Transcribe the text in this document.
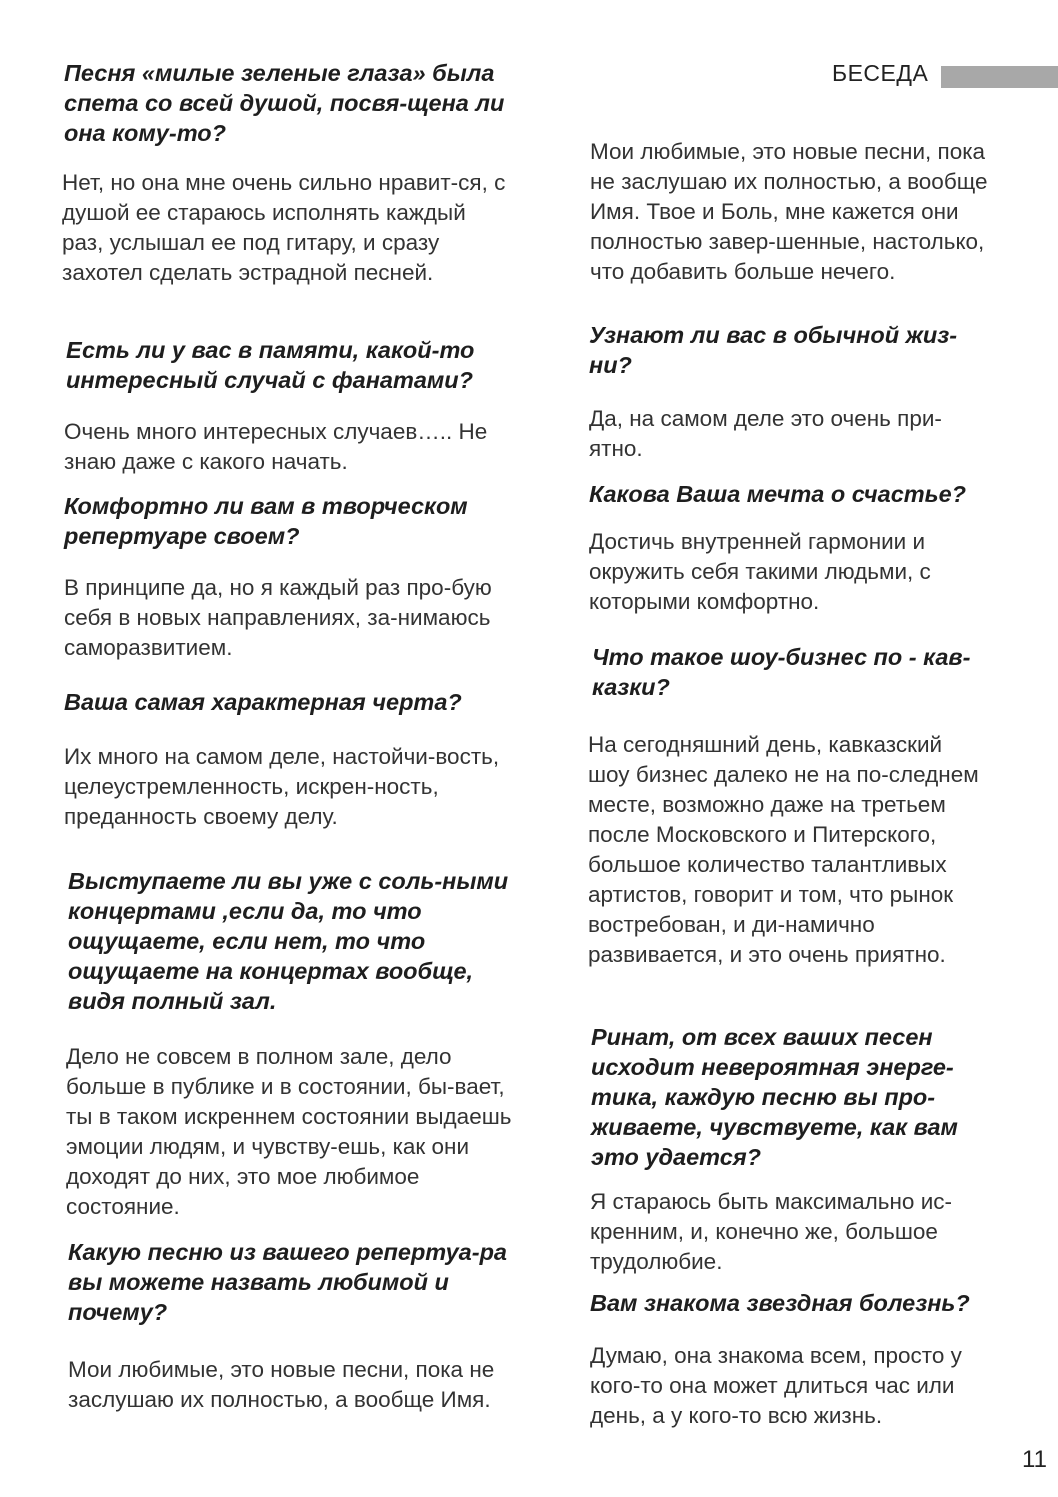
БЕСЕДА

Песня «милые зеленые глаза» была спета со всей душой, посвя-щена ли она кому-то?

Нет, но она мне очень сильно нравит-ся, с душой ее стараюсь исполнять каждый раз, услышал ее под гитару, и сразу захотел сделать эстрадной песней.

Есть ли у вас в памяти, какой-то интересный случай с фанатами?

Очень много интересных случаев….. Не знаю даже с какого начать.

Комфортно ли вам в творческом репертуаре своем?

В принципе да, но я каждый раз про-бую себя в новых направлениях, за-нимаюсь саморазвитием.

Ваша самая характерная черта?

Их много на самом деле, настойчи-вость, целеустремленность, искрен-ность, преданность своему делу.

Выступаете ли вы уже с соль-ными концертами ,если да, то что ощущаете, если нет, то что ощущаете на концертах вообще, видя полный зал.

Дело не совсем в полном зале, дело больше в публике и в состоянии, бы-вает, ты в таком искреннем состоянии выдаешь эмоции людям, и чувству-ешь, как они доходят до них, это мое любимое состояние.

Какую песню из вашего репертуа-ра вы можете назвать любимой и почему?

Мои любимые, это новые песни, пока не заслушаю их полностью, а вообще Имя.

Мои любимые, это новые песни, пока не заслушаю их полностью, а вообще Имя. Твое и Боль, мне кажется они полностью завер-шенные, настолько, что добавить больше нечего.

Узнают ли вас в обычной жиз-ни?

Да, на самом деле это очень при-ятно.

Какова Ваша мечта о счастье?

Достичь внутренней гармонии и окружить себя такими людьми, с которыми комфортно.

Что такое шоу-бизнес по - кав-казки?

На сегодняшний день, кавказский шоу бизнес далеко не на по-следнем месте, возможно даже на третьем после Московского и Питерского, большое количество талантливых артистов, говорит и том, что рынок востребован, и ди-намично развивается, и это очень приятно.

Ринат, от всех ваших песен исходит невероятная энерге-тика, каждую песню вы про-живаете, чувствуете, как вам это удается?

Я стараюсь быть максимально ис-кренним, и, конечно же, большое трудолюбие.

Вам знакома звездная болезнь?

Думаю, она знакома всем, просто у кого-то она может длиться час или день, а у кого-то всю жизнь.

11
